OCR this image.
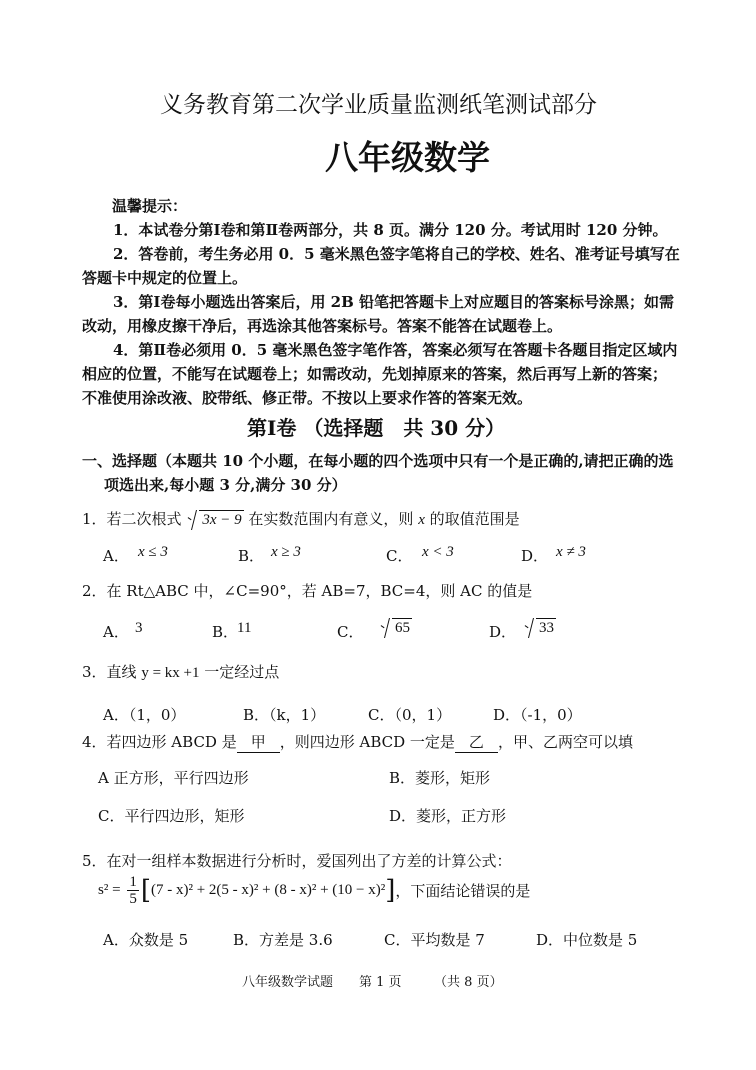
义务教育第二次学业质量监测纸笔测试部分
八年级数学
温馨提示：
1．本试卷分第Ⅰ卷和第Ⅱ卷两部分，共 8 页。满分 120 分。考试用时 120 分钟。
2．答卷前，考生务必用 0．5 毫米黑色签字笔将自己的学校、姓名、准考证号填写在
答题卡中规定的位置上。
3．第Ⅰ卷每小题选出答案后，用 2B 铅笔把答题卡上对应题目的答案标号涂黑；如需
改动，用橡皮擦干净后，再选涂其他答案标号。答案不能答在试题卷上。
4．第Ⅱ卷必须用 0．5 毫米黑色签字笔作答，答案必须写在答题卡各题目指定区域内
相应的位置，不能写在试题卷上；如需改动，先划掉原来的答案，然后再写上新的答案；
不准使用涂改液、胶带纸、修正带。不按以上要求作答的答案无效。
第Ⅰ卷 （选择题　共 30 分）
一、选择题（本题共 10 个小题，在每小题的四个选项中只有一个是正确的,请把正确的选
项选出来,每小题 3 分,满分 30 分）
1．若二次根式 3x − 9 在实数范围内有意义，则 x 的取值范围是
A． x ≤ 3	B． x ≥ 3	C． x < 3	D． x ≠ 3
2．在 Rt△ABC 中，∠C=90°，若 AB=7，BC=4，则 AC 的值是
A． 3	B．
11	C．	65	D．	33
3．直线 y = kx +1 一定经过点
A．（1，0）	B．（k，1）	C．（0，1）	D．（-1，0）
4．若四边形 ABCD 是 甲 ，则四边形 ABCD 一定是 乙 ，甲、乙两空可以填
A 正方形，平行四边形	B．菱形，矩形
C．平行四边形，矩形	D．菱形，正方形
5．在对一组样本数据进行分析时，爱国列出了方差的计算公式：
$s^2 = \frac{1}{5} [(7 - x)^2 + 2(5 - x)^2 + (8 - x)^2 + (10 - x)^2]$，下面结论错误的是
A．众数是 5	B．方差是 3.6	C．平均数是 7	D．中位数是 5
八年级数学试题　　第 1 页　　　（共 8 页）
